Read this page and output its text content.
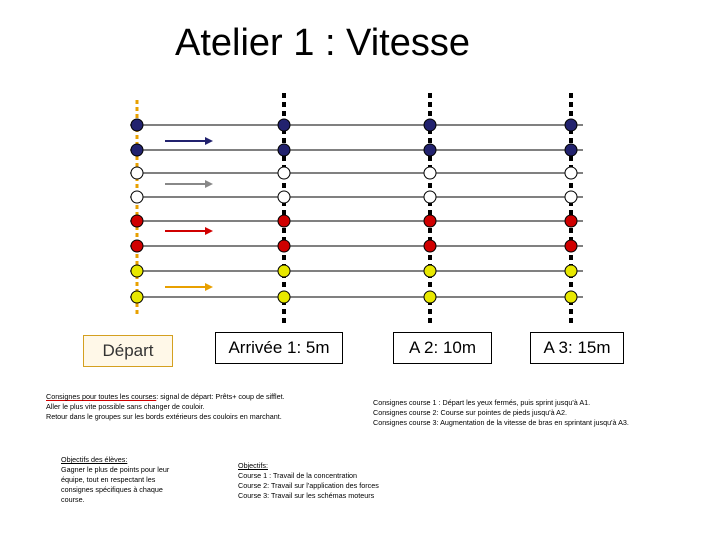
Atelier 1 : Vitesse
Départ	Arrivée 1: 5m	A 2: 10m	A 3: 15m
Consignes pour toutes les courses: signal de départ: Prêts+ coup de sifflet.
Aller le plus vite possible sans changer de couloir.
Retour dans le groupes sur les bords extérieurs des couloirs en marchant.
Consignes course 1 : Départ les yeux fermés, puis sprint jusqu'à A1.
Consignes course 2: Course sur pointes de pieds jusqu'à A2.
Consignes course 3: Augmentation de la vitesse de bras en sprintant jusqu'à A3.
Objectifs des élèves:
Gagner le plus de points pour leur
équipe, tout en respectant les
consignes spécifiques à chaque
course.
Objectifs:
Course 1 : Travail de la concentration
Course 2: Travail sur l'application des forces
Course 3: Travail sur les schémas moteurs
